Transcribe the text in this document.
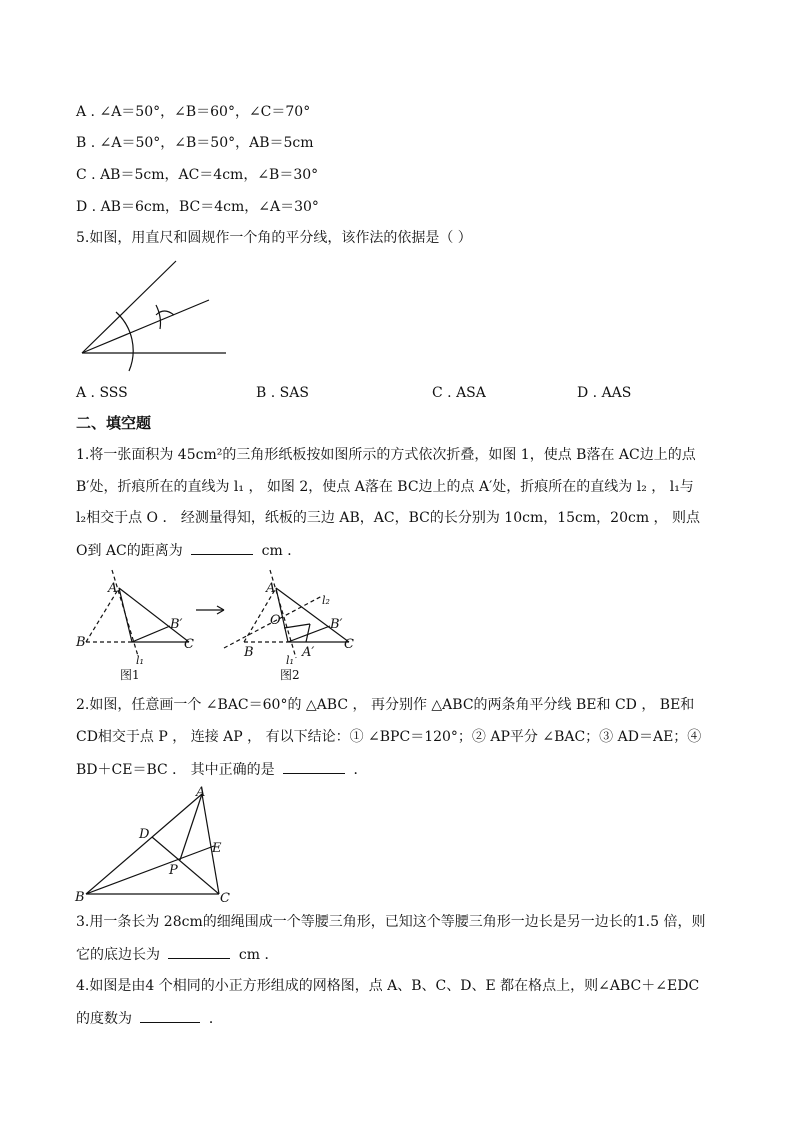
A . ∠A＝50°，∠B＝60°，∠C＝70°
B . ∠A＝50°，∠B＝50°，AB＝5cm
C . AB＝5cm，AC＝4cm，∠B＝30°
D . AB＝6cm，BC＝4cm，∠A＝30°
5.如图，用直尺和圆规作一个角的平分线，该作法的依据是（ ）
A . SSS	B . SAS	C . ASA	D . AAS
二、填空题
1.将一张面积为 45cm²的三角形纸板按如图所示的方式依次折叠，如图 1，使点 B落在 AC边上的点
B′处，折痕所在的直线为 l₁ ， 如图 2，使点 A落在 BC边上的点 A′处，折痕所在的直线为 l₂ ， l₁与
l₂相交于点 O ． 经测量得知，纸板的三边 AB，AC，BC的长分别为 10cm，15cm，20cm ， 则点
O到 AC的距离为	cm ．
A
B	C
B′
l₁
A
B
C
B′
A′
O
l₁
l₂
图1	图2
2.如图，任意画一个 ∠BAC＝60°的 △ABC ， 再分别作 △ABC的两条角平分线 BE和 CD ， BE和
CD相交于点 P ， 连接 AP ， 有以下结论：① ∠BPC＝120°；② AP平分 ∠BAC；③ AD＝AE；④
BD＋CE＝BC ． 其中正确的是	．
A
B	C
D
E
P
3.用一条长为 28cm的细绳围成一个等腰三角形，已知这个等腰三角形一边长是另一边长的1.5 倍，则
它的底边长为	cm ．
4.如图是由4 个相同的小正方形组成的网格图，点 A、B、C、D、E 都在格点上，则∠ABC＋∠EDC
的度数为	．
